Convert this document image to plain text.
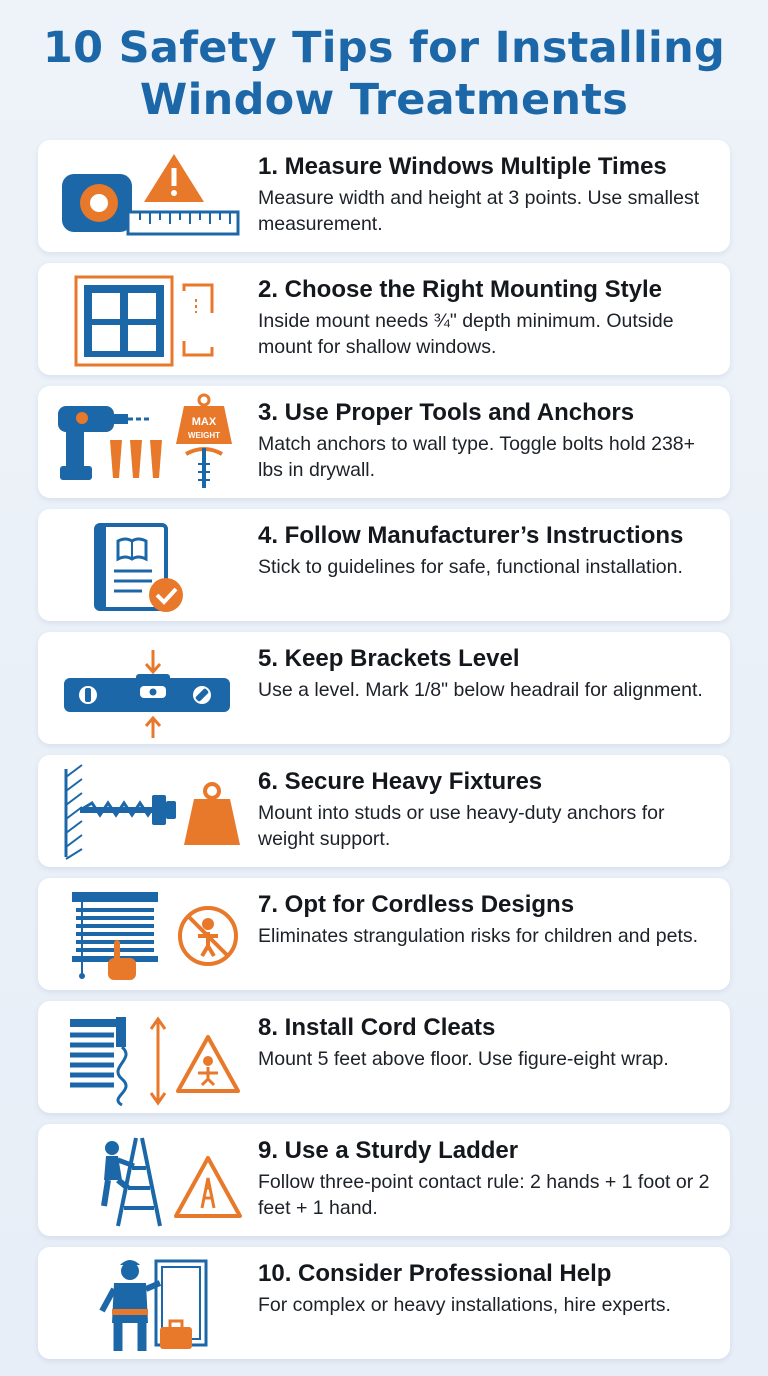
10 Safety Tips for Installing
Window Treatments
1. Measure Windows Multiple Times
Measure width and height at 3 points. Use smallest measurement.
2. Choose the Right Mounting Style
Inside mount needs ¾" depth minimum. Outside mount for shallow windows.
MAX
WEIGHT
3. Use Proper Tools and Anchors
Match anchors to wall type. Toggle bolts hold 238+ lbs in drywall.
4. Follow Manufacturer’s Instructions
Stick to guidelines for safe, functional installation.
5. Keep Brackets Level
Use a level. Mark 1/8" below headrail for alignment.
6. Secure Heavy Fixtures
Mount into studs or use heavy-duty anchors for weight support.
7. Opt for Cordless Designs
Eliminates strangulation risks for children and pets.
8. Install Cord Cleats
Mount 5 feet above floor. Use figure-eight wrap.
9. Use a Sturdy Ladder
Follow three-point contact rule: 2 hands + 1 foot or 2 feet + 1 hand.
10. Consider Professional Help
For complex or heavy installations, hire experts.
